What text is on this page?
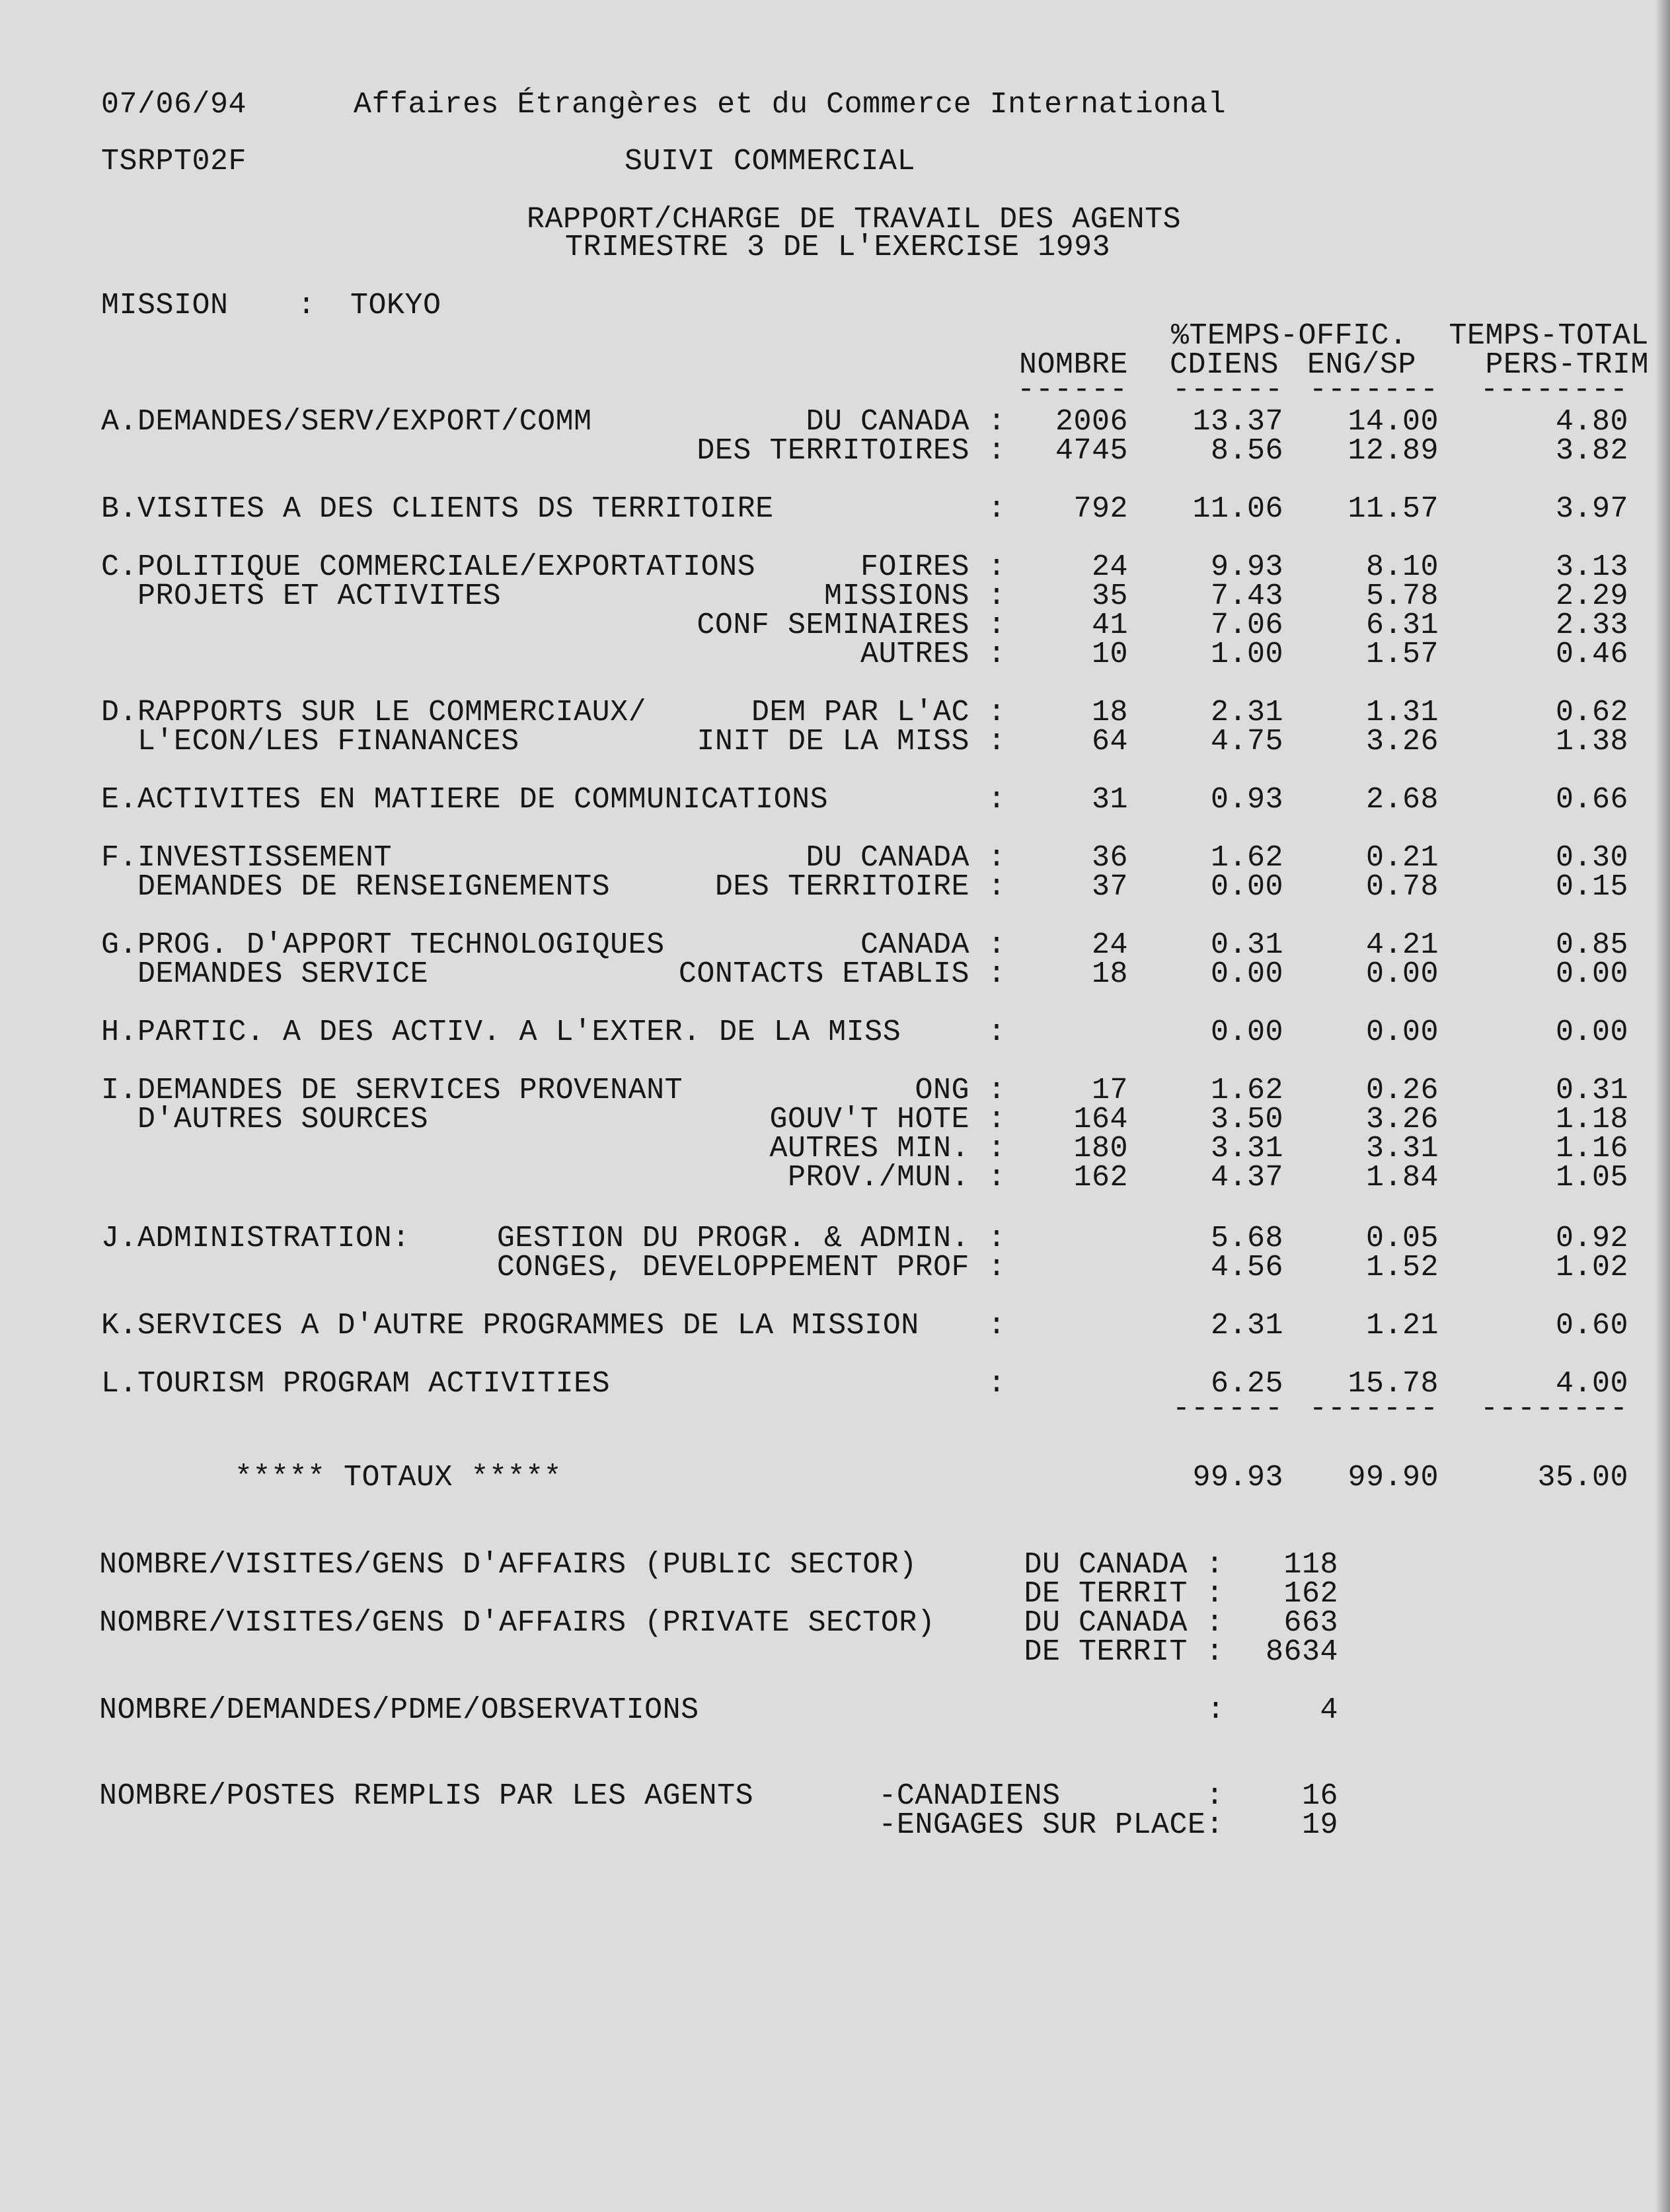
07/06/94	Affaires Étrangères et du Commerce International
TSRPT02F	SUIVI COMMERCIAL
RAPPORT/CHARGE DE TRAVAIL DES AGENTS
TRIMESTRE 3 DE L'EXERCISE 1993
MISSION : TOKYO
%TEMPS-OFFIC. TEMPS-TOTAL
NOMBRE CDIENS ENG/SP PERS-TRIM
------ ------ ------- --------
A.DEMANDES/SERV/EXPORT/COMM	DU CANADA : 2006 13.37 14.00	4.80
DES TERRITOIRES : 4745	8.56 12.89	3.82
B.VISITES A DES CLIENTS DS TERRITOIRE	: 792 11.06 11.57	3.97
C.POLITIQUE COMMERCIALE/EXPORTATIONS	FOIRES :	24	9.93	8.10	3.13
PROJETS ET ACTIVITES	MISSIONS :	35	7.43	5.78	2.29
CONF SEMINAIRES :	41	7.06	6.31	2.33
AUTRES :	10	1.00	1.57	0.46
D.RAPPORTS SUR LE COMMERCIAUX/	DEM PAR L'AC :	18	2.31	1.31	0.62
L'ECON/LES FINANANCES	INIT DE LA MISS :	64	4.75	3.26	1.38
E.ACTIVITES EN MATIERE DE COMMUNICATIONS	:	31	0.93	2.68	0.66
F.INVESTISSEMENT	DU CANADA :	36	1.62	0.21	0.30
DEMANDES DE RENSEIGNEMENTS	DES TERRITOIRE :	37	0.00	0.78	0.15
G.PROG. D'APPORT TECHNOLOGIQUES	CANADA :	24	0.31	4.21	0.85
DEMANDES SERVICE	CONTACTS ETABLIS :	18	0.00	0.00	0.00
H.PARTIC. A DES ACTIV. A L'EXTER. DE LA MISS	:	0.00	0.00	0.00
I.DEMANDES DE SERVICES PROVENANT	ONG :	17	1.62	0.26	0.31
D'AUTRES SOURCES	GOUV'T HOTE : 164	3.50	3.26	1.18
AUTRES MIN. : 180	3.31	3.31	1.16
PROV./MUN. : 162	4.37	1.84	1.05
J.ADMINISTRATION:	GESTION DU PROGR. & ADMIN. :	5.68	0.05	0.92
CONGES, DEVELOPPEMENT PROF :	4.56	1.52	1.02
K.SERVICES A D'AUTRE PROGRAMMES DE LA MISSION :	2.31	1.21	0.60
L.TOURISM PROGRAM ACTIVITIES	:	6.25 15.78	4.00
------ ------- --------
***** TOTAUX *****	99.93 99.90	35.00
NOMBRE/VISITES/GENS D'AFFAIRS (PUBLIC SECTOR)	DU CANADA : 118
DE TERRIT : 162
NOMBRE/VISITES/GENS D'AFFAIRS (PRIVATE SECTOR)	DU CANADA : 663
DE TERRIT : 8634
NOMBRE/DEMANDES/PDME/OBSERVATIONS	:	4
NOMBRE/POSTES REMPLIS PAR LES AGENTS	-CANADIENS        :	16
-ENGAGES SUR PLACE:	19
